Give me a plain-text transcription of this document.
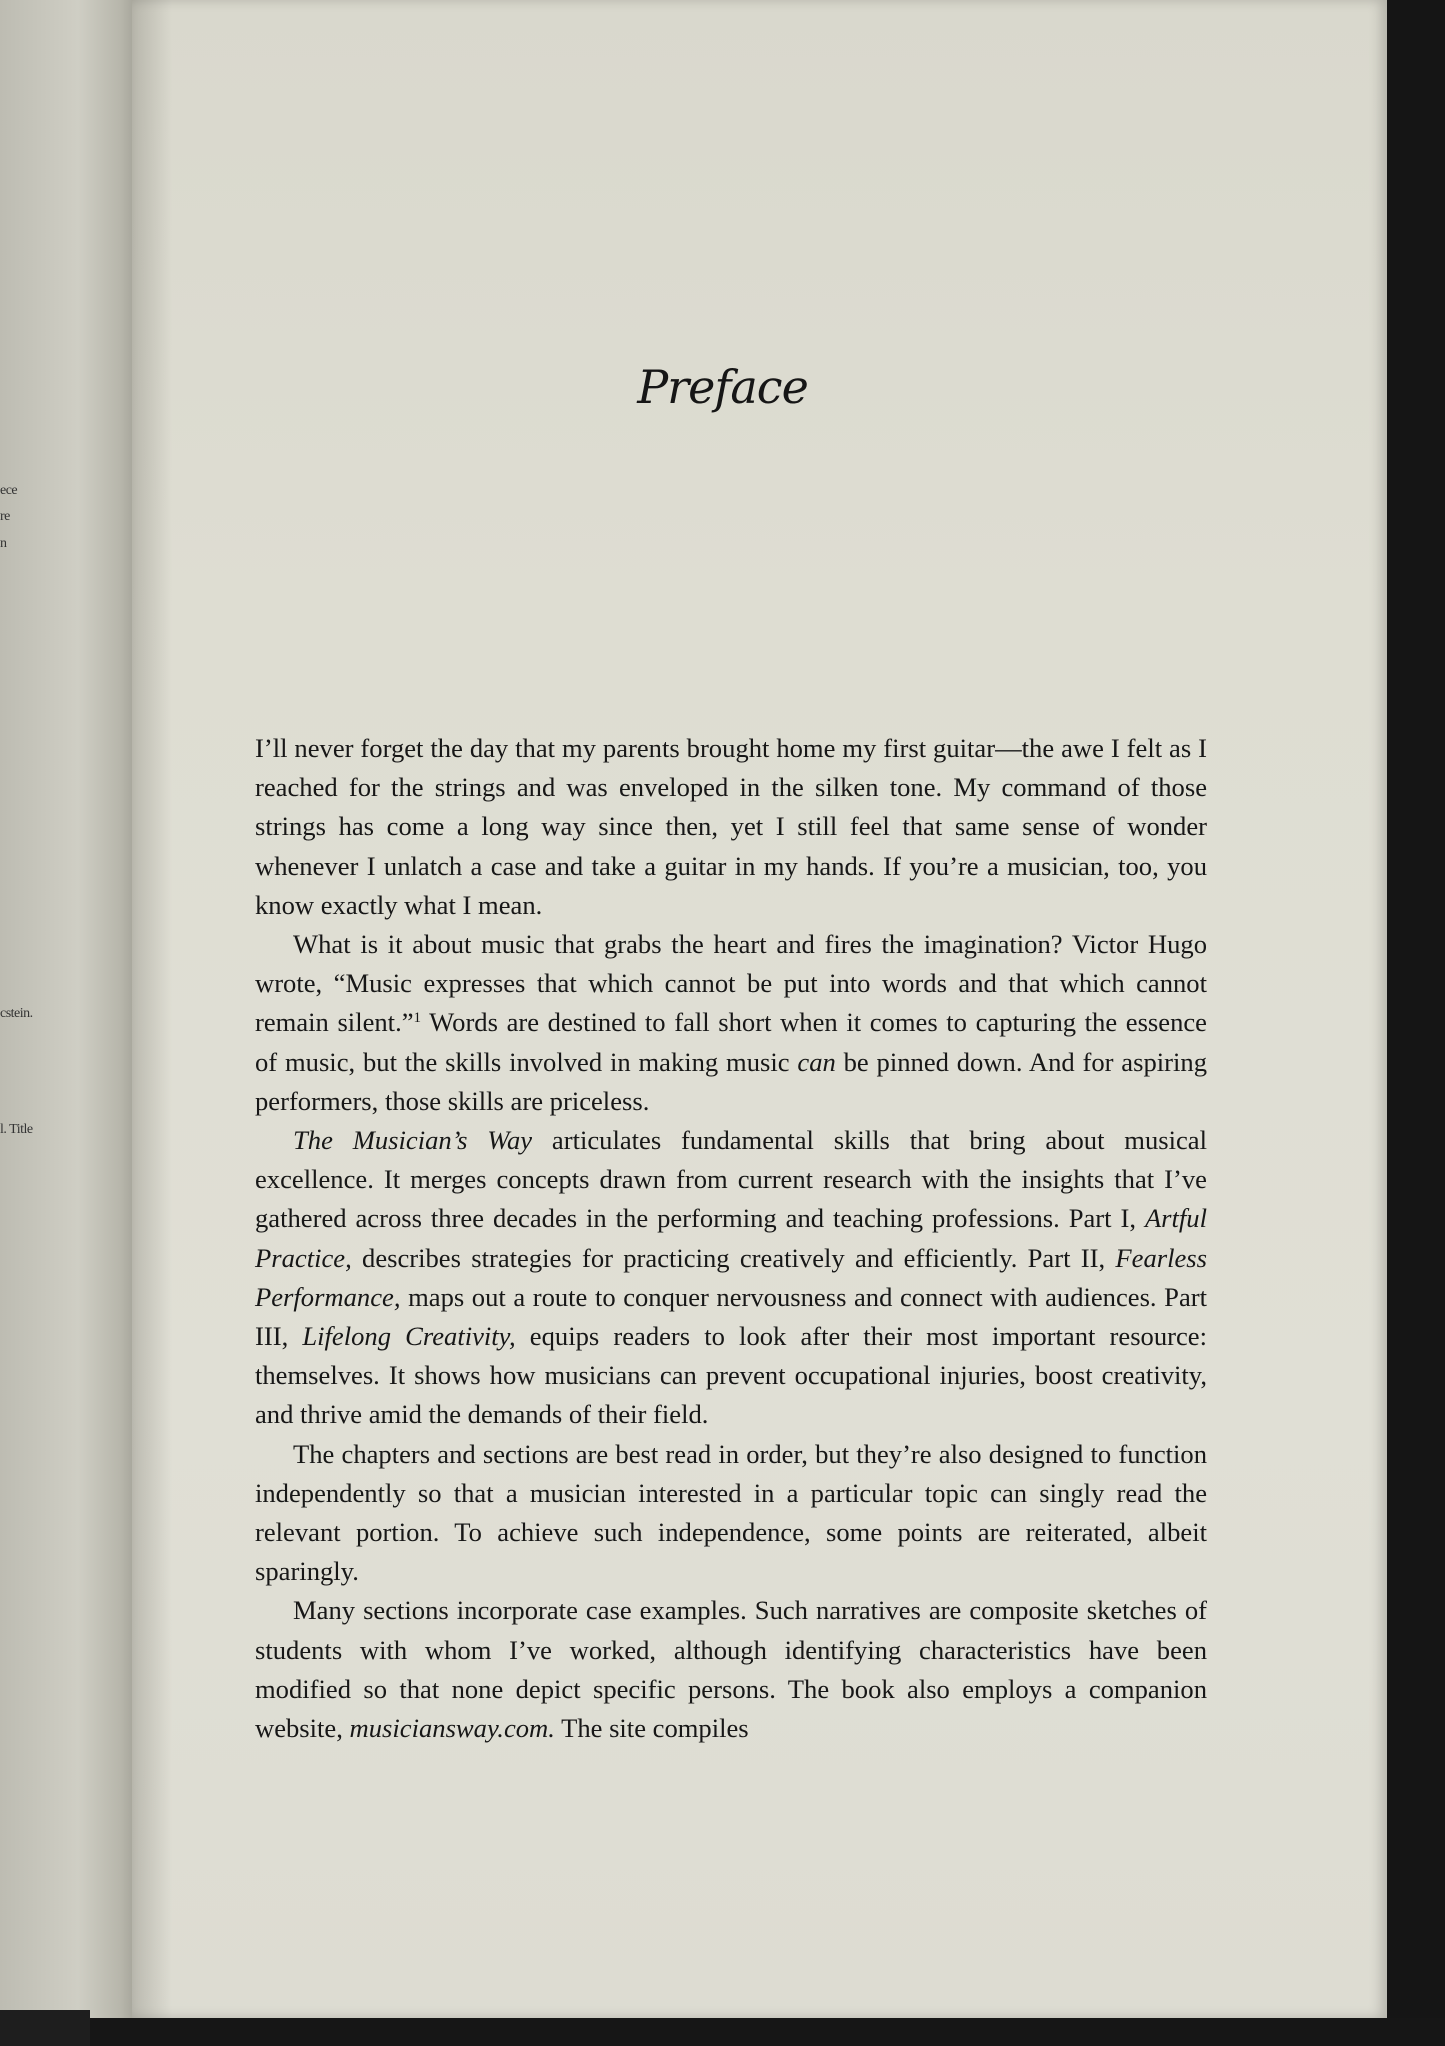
ece
re
n
cstein.
l. Title
Preface

I’ll never forget the day that my parents brought home my first guitar—the awe I felt as I reached for the strings and was enveloped in the silken tone. My command of those strings has come a long way since then, yet I still feel that same sense of wonder whenever I unlatch a case and take a guitar in my hands. If you’re a musician, too, you know exactly what I mean.

What is it about music that grabs the heart and fires the imagination? Victor Hugo wrote, “Music expresses that which cannot be put into words and that which cannot remain silent.”$^1$ Words are destined to fall short when it comes to capturing the essence of music, but the skills involved in making music can be pinned down. And for aspiring performers, those skills are priceless.

The Musician’s Way articulates fundamental skills that bring about musical excellence. It merges concepts drawn from current research with the insights that I’ve gathered across three decades in the performing and teaching professions. Part I, Artful Practice, describes strategies for practicing creatively and efficiently. Part II, Fearless Performance, maps out a route to conquer nervousness and connect with audiences. Part III, Lifelong Creativity, equips readers to look after their most important resource: themselves. It shows how musicians can prevent occupational injuries, boost creativity, and thrive amid the demands of their field.

The chapters and sections are best read in order, but they’re also designed to function independently so that a musician interested in a particular topic can singly read the relevant portion. To achieve such independence, some points are reiterated, albeit sparingly.

Many sections incorporate case examples. Such narratives are composite sketches of students with whom I’ve worked, although identifying characteristics have been modified so that none depict specific persons. The book also employs a companion website, musiciansway.com. The site compiles
